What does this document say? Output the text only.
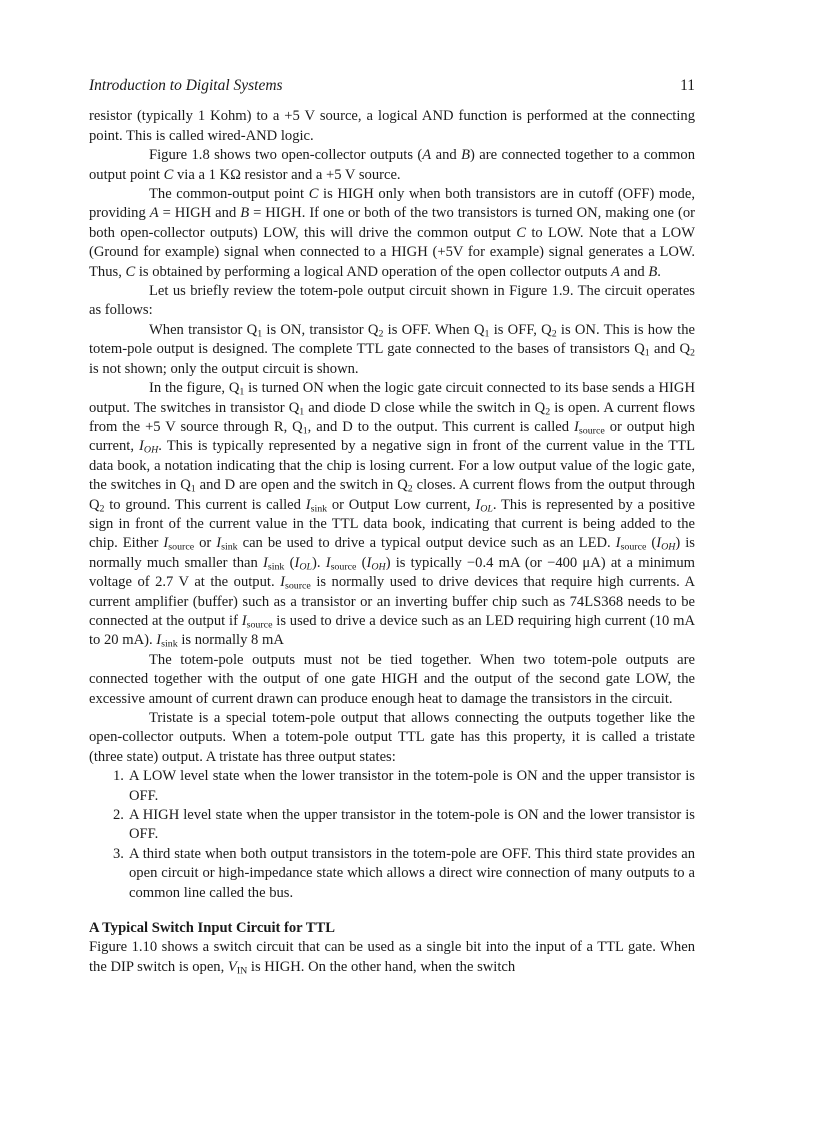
Introduction to Digital Systems	11

resistor (typically 1 Kohm) to a +5 V source, a logical AND function is performed at the connecting point. This is called wired-AND logic.

Figure 1.8 shows two open-collector outputs (A and B) are connected together to a common output point C via a 1 KΩ resistor and a +5 V source.

The common-output point C is HIGH only when both transistors are in cutoff (OFF) mode, providing A = HIGH and B = HIGH. If one or both of the two transistors is turned ON, making one (or both open-collector outputs) LOW, this will drive the common output C to LOW. Note that a LOW (Ground for example) signal when connected to a HIGH (+5V for example) signal generates a LOW. Thus, C is obtained by performing a logical AND operation of the open collector outputs A and B.

Let us briefly review the totem-pole output circuit shown in Figure 1.9. The circuit operates as follows:

When transistor Q1 is ON, transistor Q2 is OFF. When Q1 is OFF, Q2 is ON. This is how the totem-pole output is designed. The complete TTL gate connected to the bases of transistors Q1 and Q2 is not shown; only the output circuit is shown.

In the figure, Q1 is turned ON when the logic gate circuit connected to its base sends a HIGH output. The switches in transistor Q1 and diode D close while the switch in Q2 is open. A current flows from the +5 V source through R, Q1, and D to the output. This current is called Isource or output high current, IOH. This is typically represented by a negative sign in front of the current value in the TTL data book, a notation indicating that the chip is losing current. For a low output value of the logic gate, the switches in Q1 and D are open and the switch in Q2 closes. A current flows from the output through Q2 to ground. This current is called Isink or Output Low current, IOL. This is represented by a positive sign in front of the current value in the TTL data book, indicating that current is being added to the chip. Either Isource or Isink can be used to drive a typical output device such as an LED. Isource (IOH) is normally much smaller than Isink (IOL). Isource (IOH) is typically −0.4 mA (or −400 μA) at a minimum voltage of 2.7 V at the output. Isource is normally used to drive devices that require high currents. A current amplifier (buffer) such as a transistor or an inverting buffer chip such as 74LS368 needs to be connected at the output if Isource is used to drive a device such as an LED requiring high current (10 mA to 20 mA). Isink is normally 8 mA

The totem-pole outputs must not be tied together. When two totem-pole outputs are connected together with the output of one gate HIGH and the output of the second gate LOW, the excessive amount of current drawn can produce enough heat to damage the transistors in the circuit.

Tristate is a special totem-pole output that allows connecting the outputs together like the open-collector outputs. When a totem-pole output TTL gate has this property, it is called a tristate (three state) output. A tristate has three output states:

1. A LOW level state when the lower transistor in the totem-pole is ON and the upper transistor is OFF.
2. A HIGH level state when the upper transistor in the totem-pole is ON and the lower transistor is OFF.
3. A third state when both output transistors in the totem-pole are OFF. This third state provides an open circuit or high-impedance state which allows a direct wire connection of many outputs to a common line called the bus.
A Typical Switch Input Circuit for TTL

Figure 1.10 shows a switch circuit that can be used as a single bit into the input of a TTL gate. When the DIP switch is open, VIN is HIGH. On the other hand, when the switch
